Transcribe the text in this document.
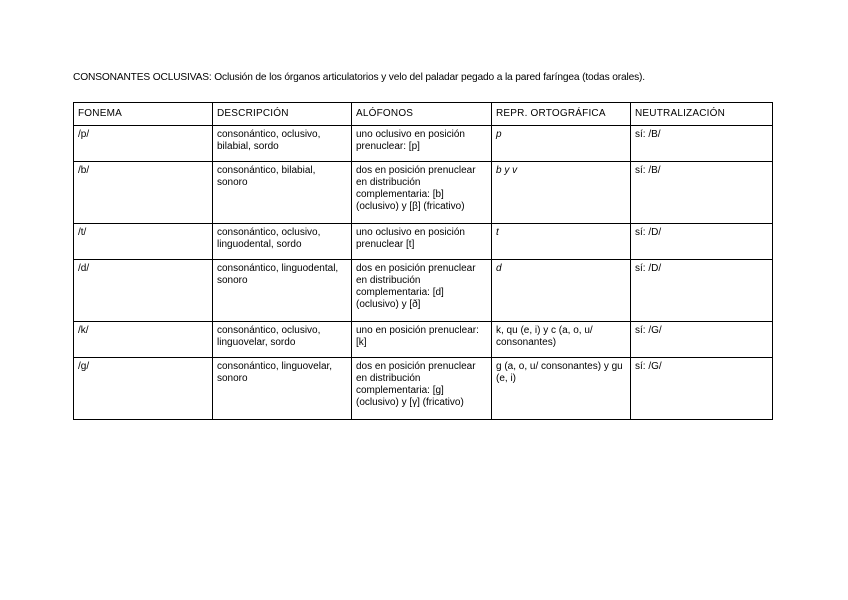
CONSONANTES OCLUSIVAS: Oclusión de los órganos articulatorios y velo del paladar pegado a la pared faríngea (todas orales).
FONEMA	DESCRIPCIÓN	ALÓFONOS	REPR. ORTOGRÁFICA	NEUTRALIZACIÓN
/p/	consonántico, oclusivo, bilabial, sordo	uno oclusivo en posición prenuclear: [p]	p	sí: /B/
/b/	consonántico, bilabial, sonoro	dos en posición prenuclear en distribución complementaria: [b] (oclusivo) y [β] (fricativo)	b y v	sí: /B/
/t/	consonántico, oclusivo, linguodental, sordo	uno oclusivo en posición prenuclear [t]	t	sí: /D/
/d/	consonántico, linguodental, sonoro	dos en posición prenuclear en distribución complementaria: [d] (oclusivo) y [ð]	d	sí: /D/
/k/	consonántico, oclusivo, linguovelar, sordo	uno en posición prenuclear: [k]	k, qu (e, i) y c (a, o, u/ consonantes)	sí: /G/
/g/	consonántico, linguovelar, sonoro	dos en posición prenuclear en distribución complementaria: [g] (oclusivo) y [γ] (fricativo)	g (a, o, u/ consonantes) y gu (e, i)	sí: /G/
